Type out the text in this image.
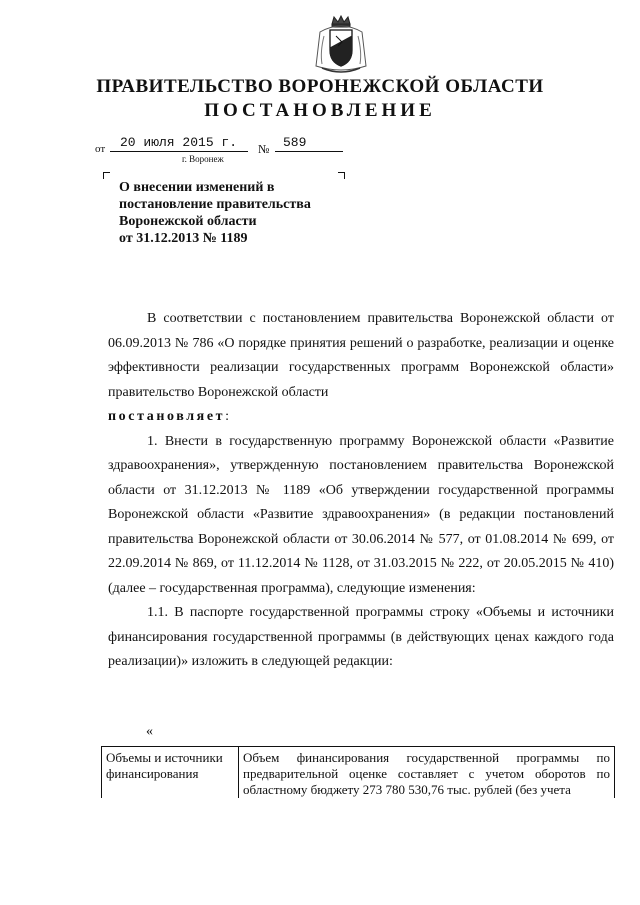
ПРАВИТЕЛЬСТВО ВОРОНЕЖСКОЙ ОБЛАСТИ
ПОСТАНОВЛЕНИЕ
от 20 июля 2015 г. № 589
г. Воронеж
О внесении изменений в
постановление правительства
Воронежской области
от 31.12.2013 № 1189

В соответствии с постановлением правительства Воронежской области от 06.09.2013 № 786 «О порядке принятия решений о разработке, реализации и оценке эффективности реализации государственных программ Воронежской области» правительство Воронежской области

постановляет:

1. Внести в государственную программу Воронежской области «Развитие здравоохранения», утвержденную постановлением правительства Воронежской области от 31.12.2013 № 1189 «Об утверждении государственной программы Воронежской области «Развитие здравоохранения» (в редакции постановлений правительства Воронежской области от 30.06.2014 № 577, от 01.08.2014 № 699, от 22.09.2014 № 869, от 11.12.2014 № 1128, от 31.03.2015 № 222, от 20.05.2015 № 410) (далее – государственная программа), следующие изменения:

1.1. В паспорте государственной программы строку «Объемы и источники финансирования государственной программы (в действующих ценах каждого года реализации)» изложить в следующей редакции:

«
Объемы и источники финансирования	Объем финансирования государственной программы по предварительной оценке составляет с учетом оборотов по областному бюджету 273 780 530,76 тыс. рублей (без учета
